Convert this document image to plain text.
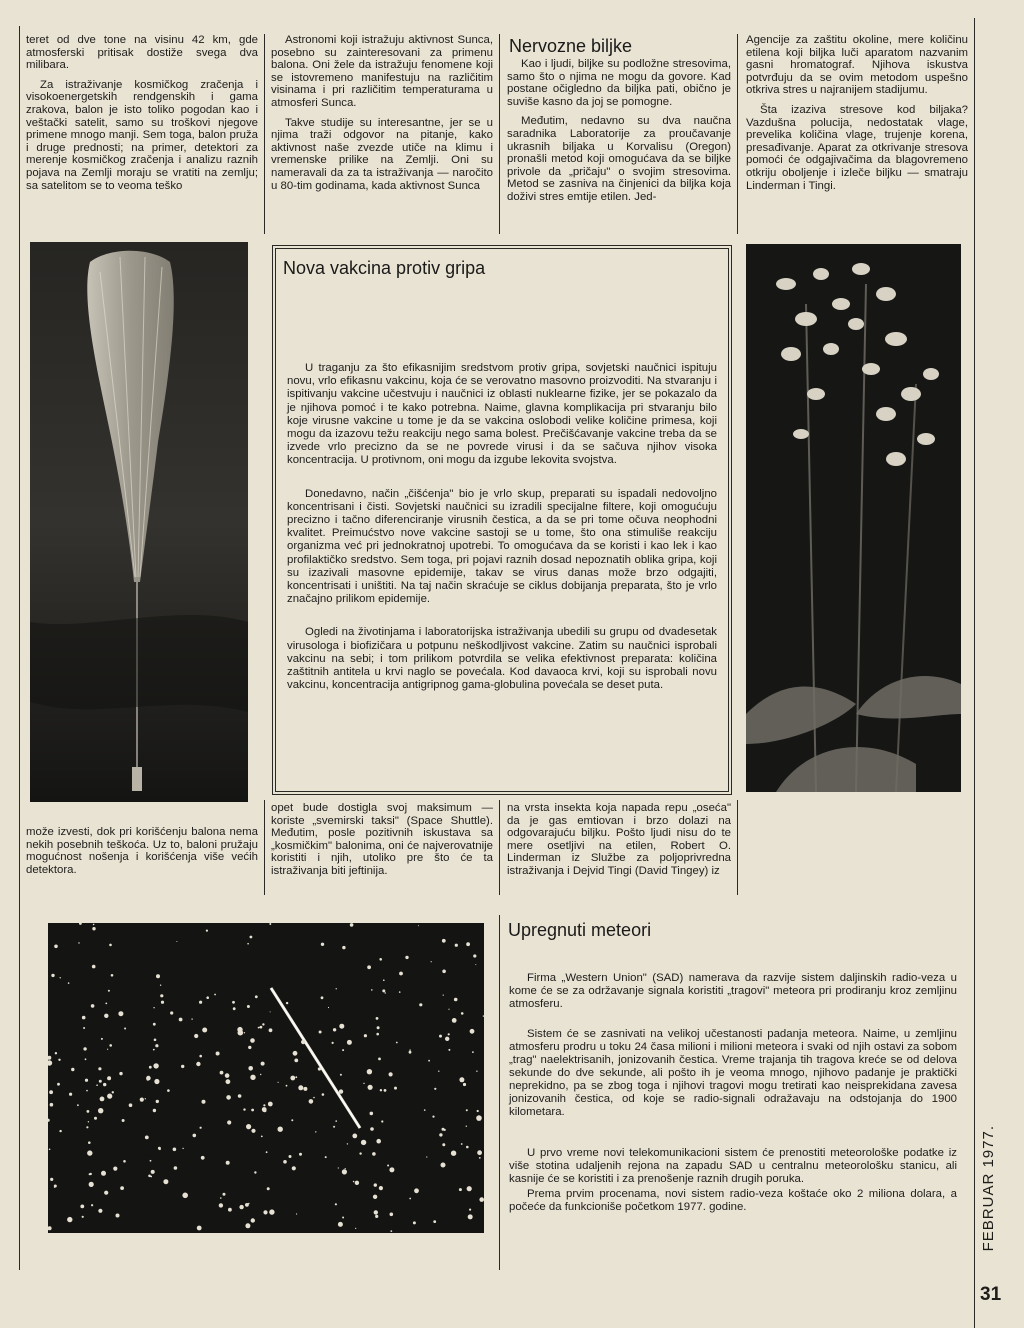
teret od dve tone na visinu 42 km, gde atmosferski pritisak dostiže svega dva milibara.

Za istraživanje kosmičkog zračenja i visokoenergetskih rendgenskih i gama zrakova, balon je isto toliko pogodan kao i veštački satelit, samo su troškovi njegove primene mnogo manji. Sem toga, balon pruža i druge prednosti; na primer, detektori za merenje kosmičkog zračenja i analizu raznih pojava na Zemlji moraju se vratiti na zemlju; sa satelitom se to veoma teško

Astronomi koji istražuju aktivnost Sunca, posebno su zainteresovani za primenu balona. Oni žele da istražuju fenomene koji se istovremeno manifestuju na različitim visinama i pri različitim temperaturama u atmosferi Sunca.

Takve studije su interesantne, jer se u njima traži odgovor na pitanje, kako aktivnost naše zvezde utiče na klimu i vremenske prilike na Zemlji. Oni su nameravali da za ta istraživanja — naročito u 80-tim godinama, kada aktivnost Sunca

Nervozne biljke

Kao i ljudi, biljke su podložne stresovima, samo što o njima ne mogu da govore. Kad postane očigledno da biljka pati, obično je suviše kasno da joj se pomogne.

Međutim, nedavno su dva naučna saradnika Laboratorije za proučavanje ukrasnih biljaka u Korvalisu (Oregon) pronašli metod koji omogućava da se biljke privole da „pričaju" o svojim stresovima. Metod se zasniva na činjenici da biljka koja doživi stres emtije etilen. Jed-

Agencije za zaštitu okoline, mere količinu etilena koji biljka luči aparatom nazvanim gasni hromatograf. Njihova iskustva potvrđuju da se ovim metodom uspešno otkriva stres u najranijem stadijumu.

Šta izaziva stresove kod biljaka? Vazdušna polucija, nedostatak vlage, prevelika količina vlage, trujenje korena, presađivanje. Aparat za otkrivanje stresova pomoći će odgajivačima da blagovremeno otkriju oboljenje i izleče biljku — smatraju Linderman i Tingi.

Nova vakcina protiv gripa

U traganju za što efikasnijim sredstvom protiv gripa, sovjetski naučnici ispituju novu, vrlo efikasnu vakcinu, koja će se verovatno masovno proizvoditi. Na stvaranju i ispitivanju vakcine učestvuju i naučnici iz oblasti nuklearne fizike, jer se pokazalo da je njihova pomoć i te kako potrebna. Naime, glavna komplikacija pri stvaranju bilo koje virusne vakcine u tome je da se vakcina oslobodi velike količine primesa, koji mogu da izazovu težu reakciju nego sama bolest. Prečišćavanje vakcine treba da se izvede vrlo precizno da se ne povrede virusi i da se sačuva njihov visoka koncentracija. U protivnom, oni mogu da izgube lekovita svojstva.

Donedavno, način „čišćenja" bio je vrlo skup, preparati su ispadali nedovoljno koncentrisani i čisti. Sovjetski naučnici su izradili specijalne filtere, koji omogućuju precizno i tačno diferenciranje virusnih čestica, a da se pri tome očuva neophodni kvalitet. Preimućstvo nove vakcine sastoji se u tome, što ona stimuliše reakciju organizma već pri jednokratnoj upotrebi. To omogućava da se koristi i kao lek i kao profilaktičko sredstvo. Sem toga, pri pojavi raznih dosad nepoznatih oblika gripa, koji su izazivali masovne epidemije, takav se virus danas može brzo odgajiti, koncentrisati i uništiti. Na taj način skraćuje se ciklus dobijanja preparata, što je vrlo značajno prilikom epidemije.

Ogledi na životinjama i laboratorijska istraživanja ubedili su grupu od dvadesetak virusologa i biofizičara u potpunu neškodljivost vakcine. Zatim su naučnici isprobali vakcinu na sebi; i tom prilikom potvrdila se velika efektivnost preparata: količina zaštitnih antitela u krvi naglo se povećala. Kod davaoca krvi, koji su isprobali novu vakcinu, koncentracija antigripnog gama-globulina povećala se deset puta.

može izvesti, dok pri korišćenju balona nema nekih posebnih teškoća. Uz to, baloni pružaju mogućnost nošenja i korišćenja više većih detektora.

opet bude dostigla svoj maksimum — koriste „svemirski taksi" (Space Shuttle). Međutim, posle pozitivnih iskustava sa „kosmičkim" balonima, oni će najverovatnije koristiti i njih, utoliko pre što će ta istraživanja biti jeftinija.

na vrsta insekta koja napada repu „oseća" da je gas emtiovan i brzo dolazi na odgovarajuću biljku. Pošto ljudi nisu do te mere osetljivi na etilen, Robert O. Linderman iz Službe za poljoprivredna istraživanja i Dejvid Tingi (David Tingey) iz

Upregnuti meteori

Firma „Western Union" (SAD) namerava da razvije sistem daljinskih radio-veza u kome će se za održavanje signala koristiti „tragovi" meteora pri prodiranju kroz zemljinu atmosferu.

Sistem će se zasnivati na velikoj učestanosti padanja meteora. Naime, u zemljinu atmosferu prodru u toku 24 časa milioni i milioni meteora i svaki od njih ostavi za sobom „trag" naelektrisanih, jonizovanih čestica. Vreme trajanja tih tragova kreće se od delova sekunde do dve sekunde, ali pošto ih je veoma mnogo, njihovo padanje je praktički neprekidno, pa se zbog toga i njihovi tragovi mogu tretirati kao neisprekidana zavesa jonizovanih čestica, od koje se radio-signali odražavaju na odstojanja do 1900 kilometara.

U prvo vreme novi telekomunikacioni sistem će prenostiti meteorološke podatke iz više stotina udaljenih rejona na zapadu SAD u centralnu meteorološku stanicu, ali kasnije će se koristiti i za prenošenje raznih drugih poruka.

Prema prvim procenama, novi sistem radio-veza koštaće oko 2 miliona dolara, a počeće da funkcioniše početkom 1977. godine.	FEBRUAR 1977.
31
